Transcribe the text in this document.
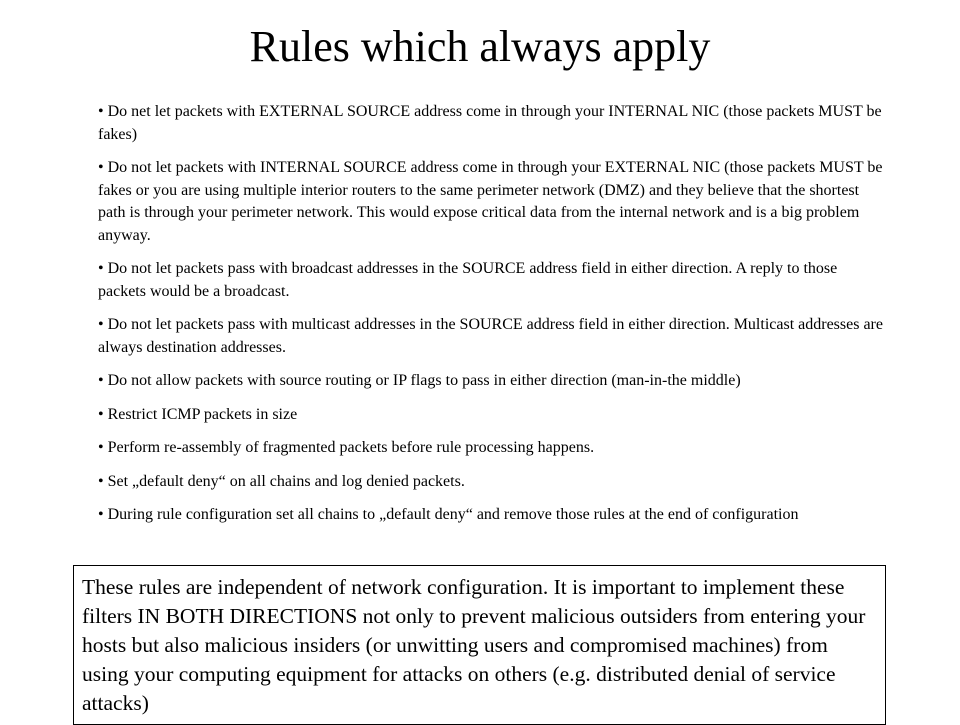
Rules which always apply
• Do net let packets with EXTERNAL SOURCE address come in through your INTERNAL NIC (those packets MUST be fakes)
• Do not let packets with INTERNAL SOURCE address come in through your EXTERNAL NIC (those packets MUST be fakes or you are using multiple interior routers to the same perimeter network (DMZ) and they believe that the shortest path is through your perimeter network. This would expose critical data from the internal network and is a big problem anyway.
• Do not let packets pass with broadcast addresses in the SOURCE address field in either direction. A reply to those packets would be a broadcast.
• Do not let packets pass with multicast addresses in the SOURCE address field in either direction. Multicast addresses are always destination addresses.
• Do not allow packets with source routing or IP flags to pass in either direction (man-in-the middle)
• Restrict ICMP packets in size
• Perform re-assembly of fragmented packets before rule processing happens.
• Set „default deny“ on all chains and log denied packets.
• During rule configuration set all chains to „default deny“ and remove those rules at the end of configuration
These rules are independent of network configuration. It is important to implement these filters IN BOTH DIRECTIONS not only to prevent malicious outsiders from entering your hosts but also malicious insiders (or unwitting users and compromised machines) from using your computing equipment for attacks on others (e.g. distributed denial of service attacks)
